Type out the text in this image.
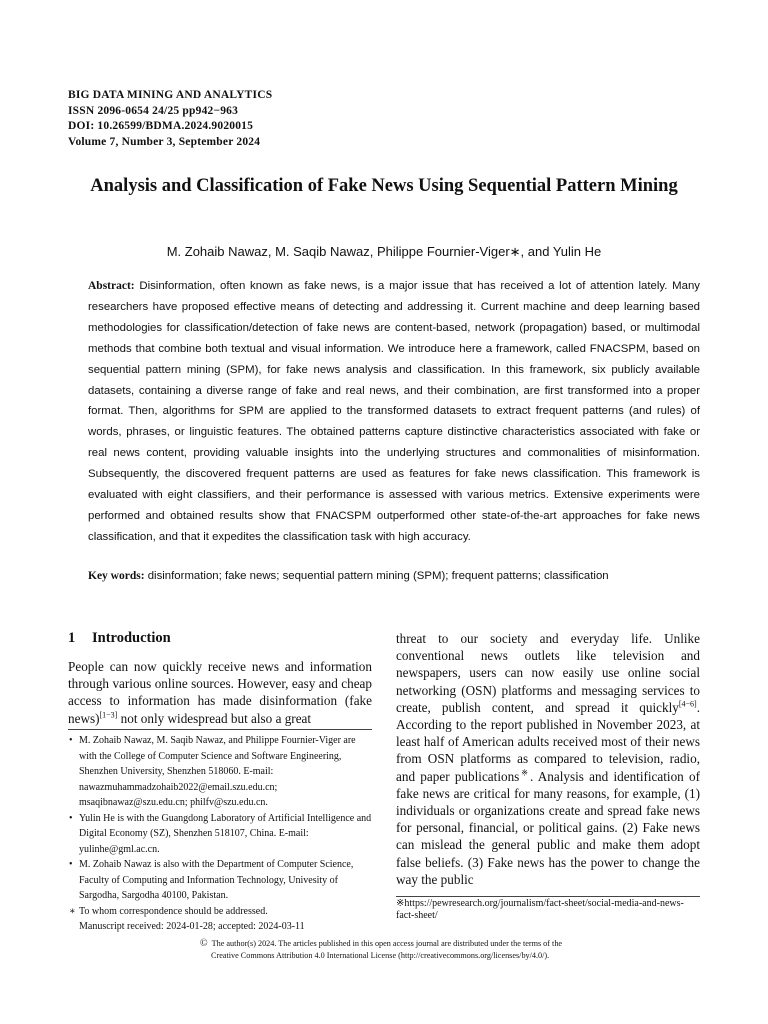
BIG DATA MINING AND ANALYTICS
ISSN 2096-0654 24/25 pp942−963
DOI: 10.26599/BDMA.2024.9020015
Volume 7, Number 3, September 2024
Analysis and Classification of Fake News Using Sequential Pattern Mining
M. Zohaib Nawaz, M. Saqib Nawaz, Philippe Fournier-Viger∗, and Yulin He
Abstract: Disinformation, often known as fake news, is a major issue that has received a lot of attention lately. Many researchers have proposed effective means of detecting and addressing it. Current machine and deep learning based methodologies for classification/detection of fake news are content-based, network (propagation) based, or multimodal methods that combine both textual and visual information. We introduce here a framework, called FNACSPM, based on sequential pattern mining (SPM), for fake news analysis and classification. In this framework, six publicly available datasets, containing a diverse range of fake and real news, and their combination, are first transformed into a proper format. Then, algorithms for SPM are applied to the transformed datasets to extract frequent patterns (and rules) of words, phrases, or linguistic features. The obtained patterns capture distinctive characteristics associated with fake or real news content, providing valuable insights into the underlying structures and commonalities of misinformation. Subsequently, the discovered frequent patterns are used as features for fake news classification. This framework is evaluated with eight classifiers, and their performance is assessed with various metrics. Extensive experiments were performed and obtained results show that FNACSPM outperformed other state-of-the-art approaches for fake news classification, and that it expedites the classification task with high accuracy.
Key words: disinformation; fake news; sequential pattern mining (SPM); frequent patterns; classification
1 Introduction
People can now quickly receive news and information through various online sources. However, easy and cheap access to information has made disinformation (fake news)[1−3] not only widespread but also a great
• M. Zohaib Nawaz, M. Saqib Nawaz, and Philippe Fournier-Viger are with the College of Computer Science and Software Engineering, Shenzhen University, Shenzhen 518060. E-mail: nawazmuhammadzohaib2022@email.szu.edu.cn; msaqibnawaz@szu.edu.cn; philfv@szu.edu.cn.
• Yulin He is with the Guangdong Laboratory of Artificial Intelligence and Digital Economy (SZ), Shenzhen 518107, China. E-mail: yulinhe@gml.ac.cn.
• M. Zohaib Nawaz is also with the Department of Computer Science, Faculty of Computing and Information Technology, Univesity of Sargodha, Sargodha 40100, Pakistan.
∗ To whom correspondence should be addressed.
Manuscript received: 2024-01-28; accepted: 2024-03-11
threat to our society and everyday life. Unlike conventional news outlets like television and newspapers, users can now easily use online social networking (OSN) platforms and messaging services to create, publish content, and spread it quickly[4−6]. According to the report published in November 2023, at least half of American adults received most of their news from OSN platforms as compared to television, radio, and paper publications※. Analysis and identification of fake news are critical for many reasons, for example, (1) individuals or organizations create and spread fake news for personal, financial, or political gains. (2) Fake news can mislead the general public and make them adopt false beliefs. (3) Fake news has the power to change the way the public
※https://pewresearch.org/journalism/fact-sheet/social-media-and-news-fact-sheet/
© The author(s) 2024. The articles published in this open access journal are distributed under the terms of the
Creative Commons Attribution 4.0 International License (http://creativecommons.org/licenses/by/4.0/).
